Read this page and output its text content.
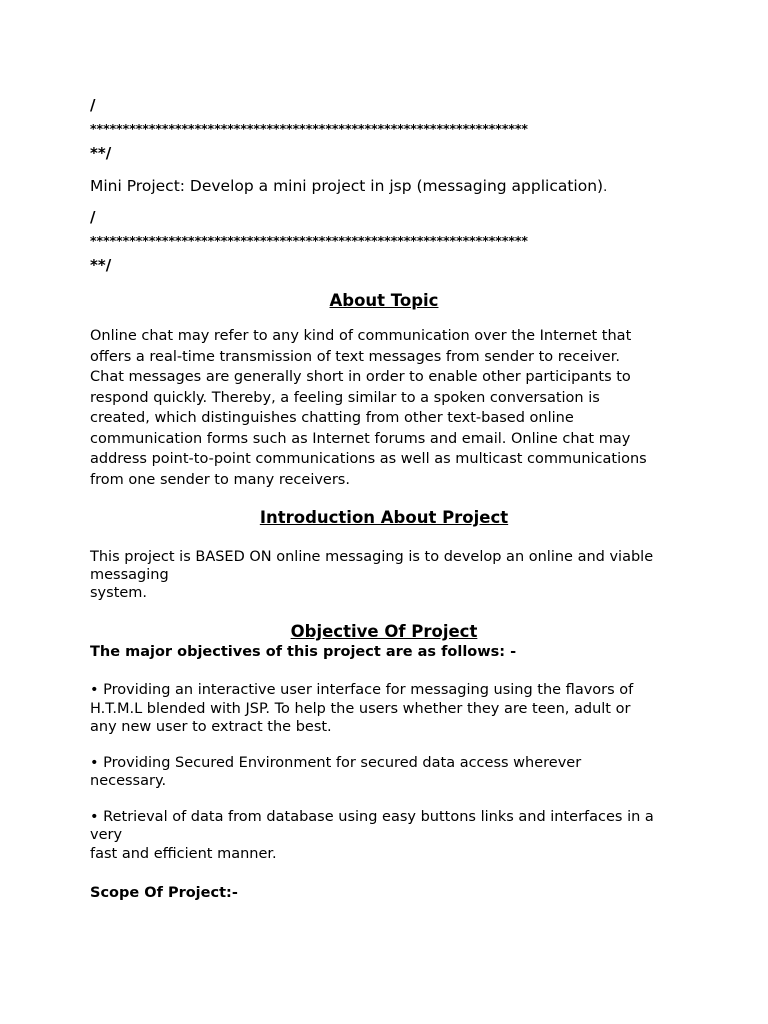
/
*******************************************************************
**/
Mini Project: Develop a mini project in jsp (messaging application).
/
*******************************************************************
**/
About Topic
Online chat may refer to any kind of communication over the Internet that
offers a real-time transmission of text messages from sender to receiver.
Chat messages are generally short in order to enable other participants to
respond quickly. Thereby, a feeling similar to a spoken conversation is
created, which distinguishes chatting from other text-based online
communication forms such as Internet forums and email. Online chat may
address point-to-point communications as well as multicast communications
from one sender to many receivers.
Introduction About Project
This project is BASED ON online messaging is to develop an online and viable
messaging
system.
Objective Of Project
The major objectives of this project are as follows: -
• Providing an interactive user interface for messaging using the flavors of
H.T.M.L blended with JSP. To help the users whether they are teen, adult or
any new user to extract the best.
• Providing Secured Environment for secured data access wherever
necessary.
• Retrieval of data from database using easy buttons links and interfaces in a
very
fast and efficient manner.
Scope Of Project:-
